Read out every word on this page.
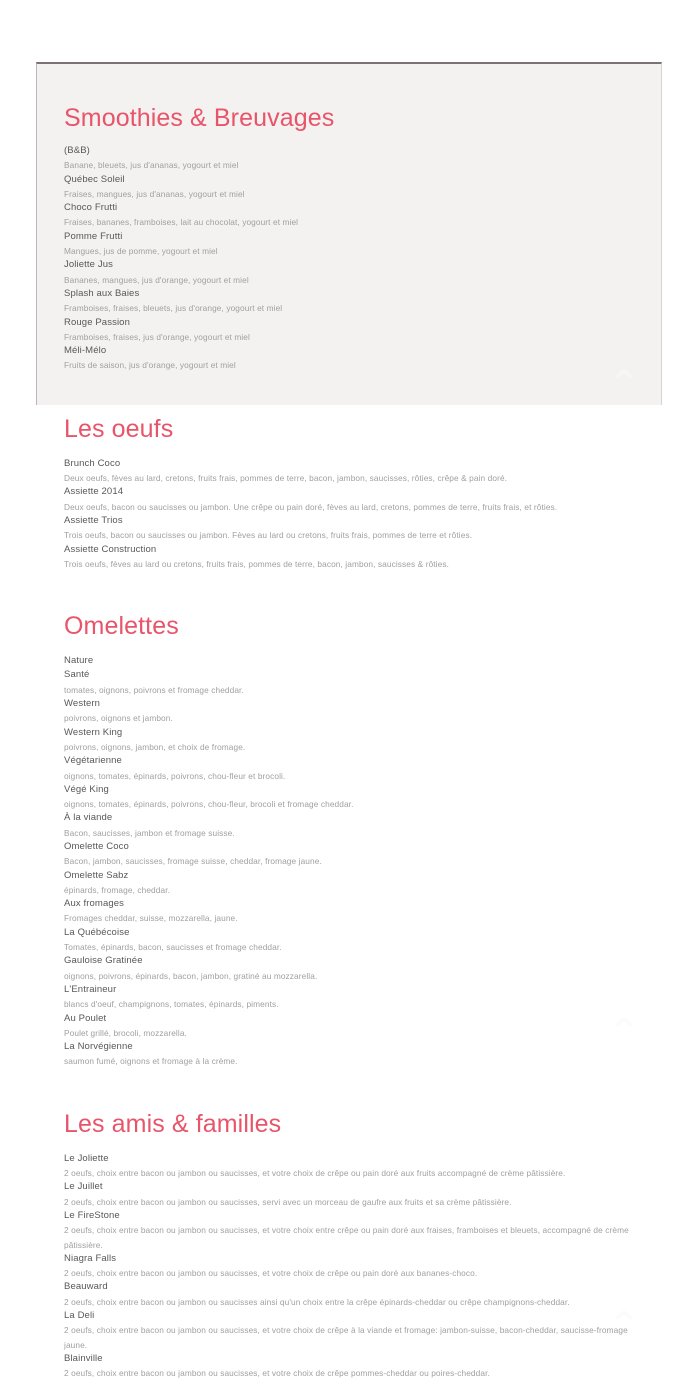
Smoothies & Breuvages
(B&B)
Banane, bleuets, jus d'ananas, yogourt et miel
Québec Soleil
Fraises, mangues, jus d'ananas, yogourt et miel
Choco Frutti
Fraises, bananes, framboises, lait au chocolat, yogourt et miel
Pomme Frutti
Mangues, jus de pomme, yogourt et miel
Joliette Jus
Bananes, mangues, jus d'orange, yogourt et miel
Splash aux Baies
Framboises, fraises, bleuets, jus d'orange, yogourt et miel
Rouge Passion
Framboises, fraises, jus d'orange, yogourt et miel
Méli-Mélo
Fruits de saison, jus d'orange, yogourt et miel
Les oeufs
Brunch Coco
Deux oeufs, fèves au lard, cretons, fruits frais, pommes de terre, bacon, jambon, saucisses, rôties, crêpe & pain doré.
Assiette 2014
Deux oeufs, bacon ou saucisses ou jambon. Une crêpe ou pain doré, fèves au lard, cretons, pommes de terre, fruits frais, et rôties.
Assiette Trios
Trois oeufs, bacon ou saucisses ou jambon. Fèves au lard ou cretons, fruits frais, pommes de terre et rôties.
Assiette Construction
Trois oeufs, fèves au lard ou cretons, fruits frais, pommes de terre, bacon, jambon, saucisses & rôties.
Omelettes
Nature
Santé
tomates, oignons, poivrons et fromage cheddar.
Western
poivrons, oignons et jambon.
Western King
poivrons, oignons, jambon, et choix de fromage.
Végétarienne
oignons, tomates, épinards, poivrons, chou-fleur et brocoli.
Végé King
oignons, tomates, épinards, poivrons, chou-fleur, brocoli et fromage cheddar.
À la viande
Bacon, saucisses, jambon et fromage suisse.
Omelette Coco
Bacon, jambon, saucisses, fromage suisse, cheddar, fromage jaune.
Omelette Sabz
épinards, fromage, cheddar.
Aux fromages
Fromages cheddar, suisse, mozzarella, jaune.
La Québécoise
Tomates, épinards, bacon, saucisses et fromage cheddar.
Gauloise Gratinée
oignons, poivrons, épinards, bacon, jambon, gratiné au mozzarella.
L'Entraineur
blancs d'oeuf, champignons, tomates, épinards, piments.
Au Poulet
Poulet grillé, brocoli, mozzarella.
La Norvégienne
saumon fumé, oignons et fromage à la crème.
Les amis & familles
Le Joliette
2 oeufs, choix entre bacon ou jambon ou saucisses, et votre choix de crêpe ou pain doré aux fruits accompagné de crème pâtissière.
Le Juillet
2 oeufs, choix entre bacon ou jambon ou saucisses, servi avec un morceau de gaufre aux fruits et sa crème pâtissière.
Le FireStone
2 oeufs, choix entre bacon ou jambon ou saucisses, et votre choix entre crêpe ou pain doré aux fraises, framboises et bleuets, accompagné de crème pâtissière.
Niagra Falls
2 oeufs, choix entre bacon ou jambon ou saucisses, et votre choix de crêpe ou pain doré aux bananes-choco.
Beauward
2 oeufs, choix entre bacon ou jambon ou saucisses ainsi qu'un choix entre la crêpe épinards-cheddar ou crêpe champignons-cheddar.
La Deli
2 oeufs, choix entre bacon ou jambon ou saucisses, et votre choix de crêpe à la viande et fromage: jambon-suisse, bacon-cheddar, saucisse-fromage jaune.
Blainville
2 oeufs, choix entre bacon ou jambon ou saucisses, et votre choix de crêpe pommes-cheddar ou poires-cheddar.
